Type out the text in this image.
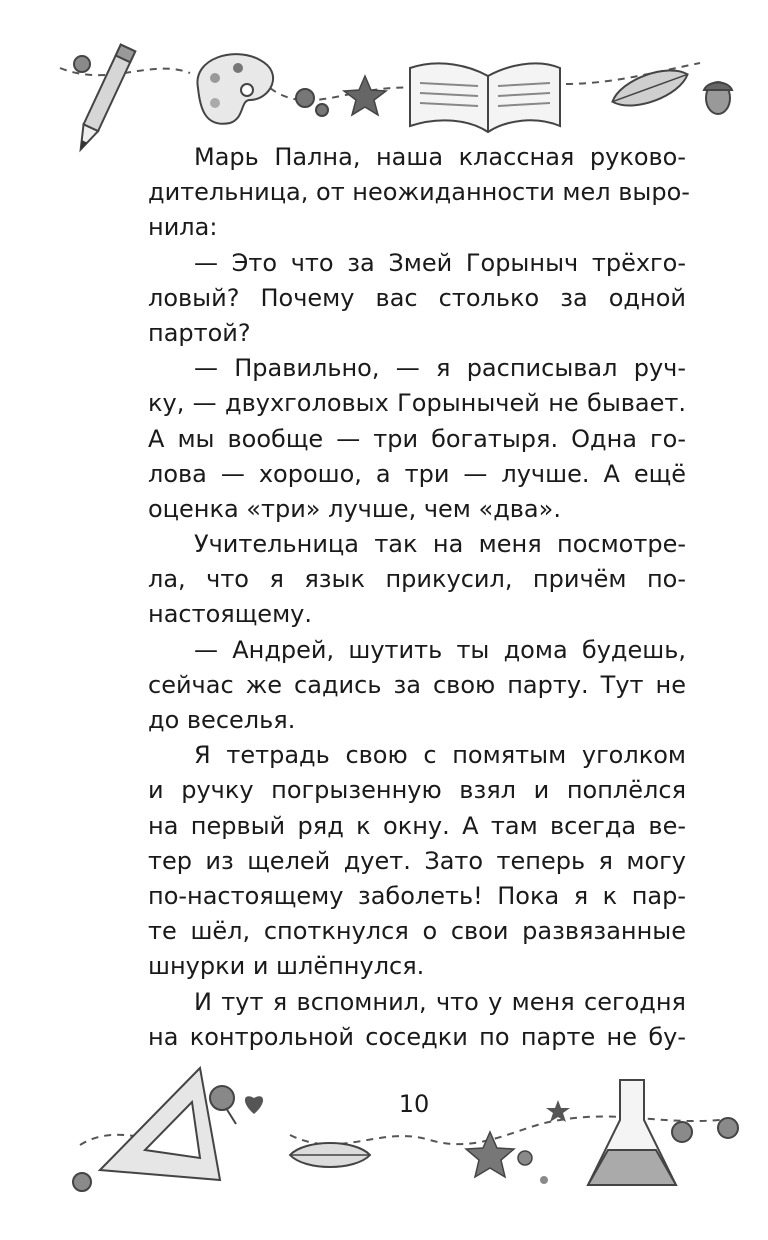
Марь Пална, наша классная руково-
дительница, от неожиданности мел выро-
нила:
— Это что за Змей Горыныч трёхго-
ловый? Почему вас столько за одной
партой?
— Правильно, — я расписывал руч-
ку, — двухголовых Горынычей не бывает.
А мы вообще — три богатыря. Одна го-
лова — хорошо, а три — лучше. А ещё
оценка «три» лучше, чем «два».
Учительница так на меня посмотре-
ла, что я язык прикусил, причём по-
настоящему.
— Андрей, шутить ты дома будешь,
сейчас же садись за свою парту. Тут не
до веселья.
Я тетрадь свою с помятым уголком
и ручку погрызенную взял и поплёлся
на первый ряд к окну. А там всегда ве-
тер из щелей дует. Зато теперь я могу
по-настоящему заболеть! Пока я к пар-
те шёл, споткнулся о свои развязанные
шнурки и шлёпнулся.
И тут я вспомнил, что у меня сегодня
на контрольной соседки по парте не бу-
10
